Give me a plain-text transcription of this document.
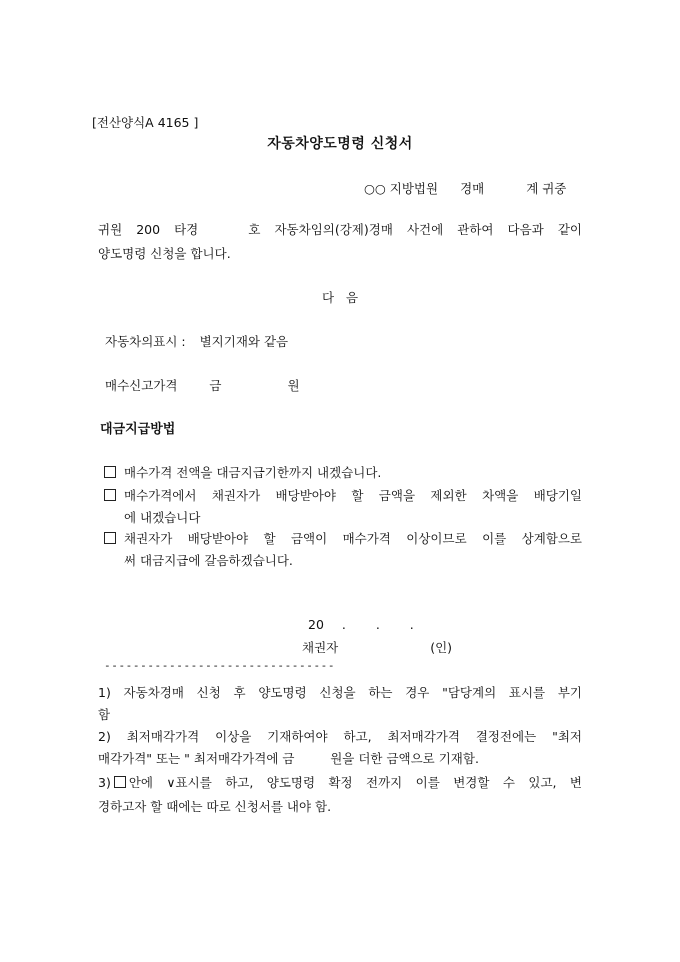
[전산양식A 4165 ]
자동차양도명령 신청서
○○ 지방법원 경매	계 귀중
귀원 200 타경	호 자동차임의(강제)경매 사건에 관하여 다음과 같이
양도명령 신청을 합니다.
다   음
자동차의표시 : 별지기재와 같음
매수신고가격	금	원
대금지급방법
매수가격 전액을 대금지급기한까지 내겠습니다.
매수가격에서 채권자가 배당받아야 할 금액을 제외한 차액을 배당기일
에 내겠습니다
채권자가 배당받아야 할 금액이 매수가격 이상이므로 이를 상계함으로
써 대금지급에 갈음하겠습니다.
20 . . .
채권자	(인)
--------------------------------
1) 자동차경매 신청 후 양도명령 신청을 하는 경우 "담당계의 표시를 부기
함
2) 최저매각가격 이상을 기재하여야 하고, 최저매각가격 결정전에는 "최저
매각가격" 또는 " 최저매각가격에 금         원을 더한 금액으로 기재함.
3) 안에 ∨표시를 하고, 양도명령 확정 전까지 이를 변경할 수 있고, 변
경하고자 할 때에는 따로 신청서를 내야 함.
